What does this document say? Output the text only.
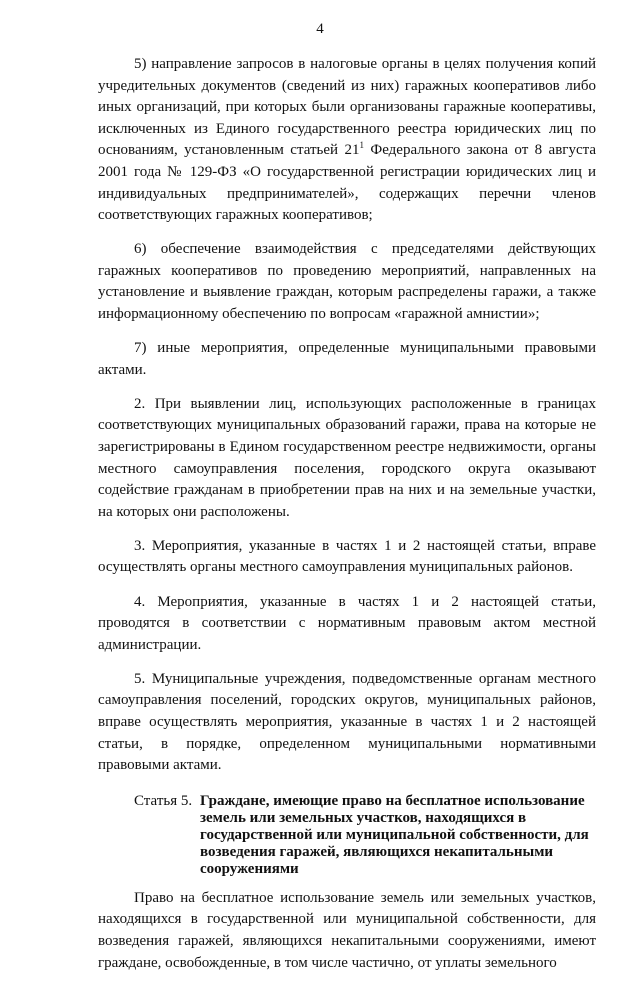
4

5) направление запросов в налоговые органы в целях получения копий учредительных документов (сведений из них) гаражных кооперативов либо иных организаций, при которых были организованы гаражные кооперативы, исключенных из Единого государственного реестра юридических лиц по основаниям, установленным статьей $21^1$ Федерального закона от 8 августа 2001 года № 129-ФЗ «О государственной регистрации юридических лиц и индивидуальных предпринимателей», содержащих перечни членов соответствующих гаражных кооперативов;

6) обеспечение взаимодействия с председателями действующих гаражных кооперативов по проведению мероприятий, направленных на установление и выявление граждан, которым распределены гаражи, а также информационному обеспечению по вопросам «гаражной амнистии»;

7) иные мероприятия, определенные муниципальными правовыми актами.

2. При выявлении лиц, использующих расположенные в границах соответствующих муниципальных образований гаражи, права на которые не зарегистрированы в Едином государственном реестре недвижимости, органы местного самоуправления поселения, городского округа оказывают содействие гражданам в приобретении прав на них и на земельные участки, на которых они расположены.

3. Мероприятия, указанные в частях 1 и 2 настоящей статьи, вправе осуществлять органы местного самоуправления муниципальных районов.

4. Мероприятия, указанные в частях 1 и 2 настоящей статьи, проводятся в соответствии с нормативным правовым актом местной администрации.

5. Муниципальные учреждения, подведомственные органам местного самоуправления поселений, городских округов, муниципальных районов, вправе осуществлять мероприятия, указанные в частях 1 и 2 настоящей статьи, в порядке, определенном муниципальными нормативными правовыми актами.

Статья 5. Граждане, имеющие право на бесплатное использование земель или земельных участков, находящихся в государственной или муниципальной собственности, для возведения гаражей, являющихся некапитальными сооружениями

Право на бесплатное использование земель или земельных участков, находящихся в государственной или муниципальной собственности, для возведения гаражей, являющихся некапитальными сооружениями, имеют граждане, освобожденные, в том числе частично, от уплаты земельного
